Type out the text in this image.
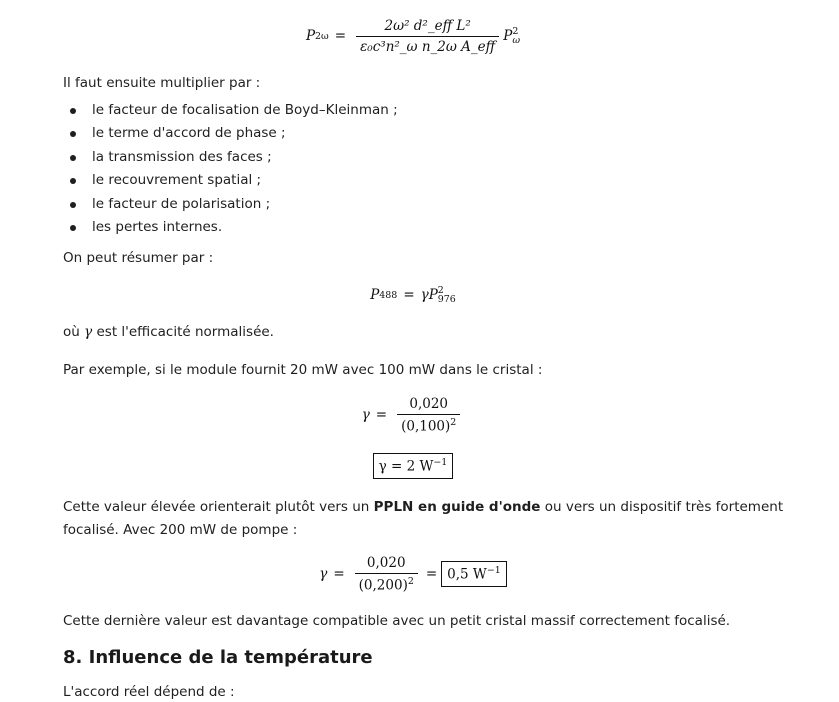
P $2\omega = \frac{\text{2ω² d²\_eff L²}}{\text{ε₀c³n²\_ω n\_2ω A\_eff}}$ P 2
ω

Il faut ensuite multiplier par :

le facteur de focalisation de Boyd–Kleinman ;
le terme d'accord de phase ;
la transmission des faces ;
le recouvrement spatial ;
le facteur de polarisation ;
les pertes internes.

On peut résumer par :

P 488 = γP 2
976

où γ est l'efficacité normalisée.

Par exemple, si le module fournit 20 mW avec 100 mW dans le cristal :

$\gamma = \frac{0,020}{(0,100)^2}$
γ = 2 $W^{-1}$

Cette valeur élevée orienterait plutôt vers un PPLN en guide d'onde ou vers un dispositif très fortement

focalisé. Avec 200 mW de pompe :

$\gamma = \frac{0,020}{(0,200)^2} = 0,5$ $W^{-1}$

Cette dernière valeur est davantage compatible avec un petit cristal massif correctement focalisé.

8. Influence de la température

L'accord réel dépend de :
